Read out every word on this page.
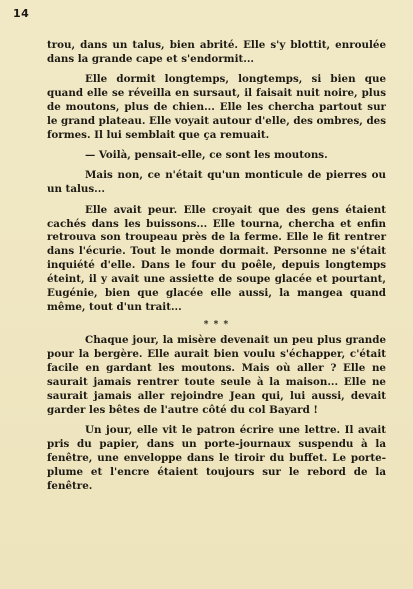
14

trou, dans un talus, bien abrité. Elle s'y blottit, enroulée dans la grande cape et s'endormit...

Elle dormit longtemps, longtemps, si bien que quand elle se réveilla en sursaut, il faisait nuit noire, plus de moutons, plus de chien... Elle les chercha partout sur le grand plateau. Elle voyait autour d'elle, des ombres, des formes. Il lui semblait que ça remuait.

— Voilà, pensait-elle, ce sont les moutons.

Mais non, ce n'était qu'un monticule de pierres ou un talus...

Elle avait peur. Elle croyait que des gens étaient cachés dans les buissons... Elle tourna, chercha et enfin retrouva son troupeau près de la ferme. Elle le fit rentrer dans l'écurie. Tout le monde dormait. Personne ne s'était inquiété d'elle. Dans le four du poêle, depuis longtemps éteint, il y avait une assiette de soupe glacée et pourtant, Eugénie, bien que glacée elle aussi, la mangea quand même, tout d'un trait...

* * *

Chaque jour, la misère devenait un peu plus grande pour la bergère. Elle aurait bien voulu s'échapper, c'était facile en gardant les moutons. Mais où aller ? Elle ne saurait jamais rentrer toute seule à la maison... Elle ne saurait jamais aller rejoindre Jean qui, lui aussi, devait garder les bêtes de l'autre côté du col Bayard !

Un jour, elle vit le patron écrire une lettre. Il avait pris du papier, dans un porte-journaux suspendu à la fenêtre, une enveloppe dans le tiroir du buffet. Le porte-plume et l'encre étaient toujours sur le rebord de la fenêtre.
